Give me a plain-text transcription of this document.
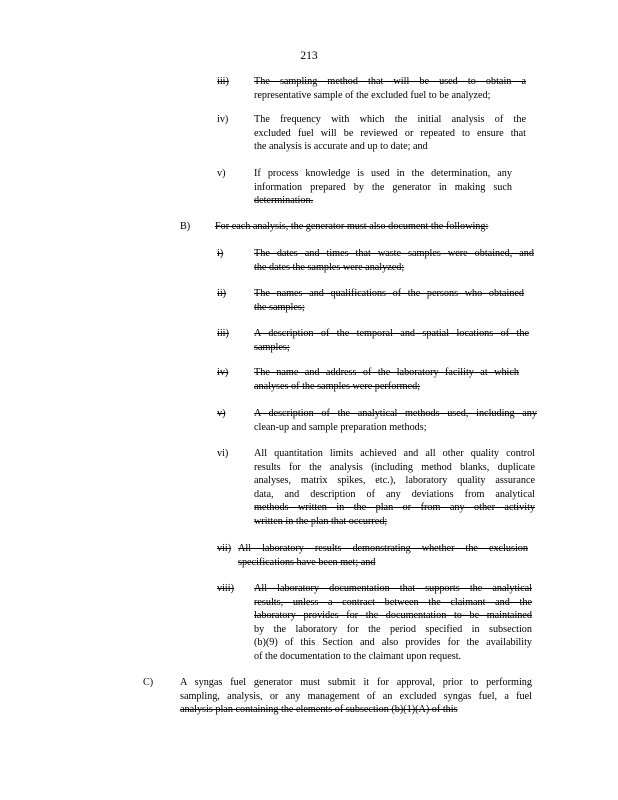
213
iii) The sampling method that will be used to obtain a
representative sample of the excluded fuel to be analyzed;
iv)	The frequency with which the initial analysis of the
excluded fuel will be reviewed or repeated to ensure that
the analysis is accurate and up to date; and
v)	If process knowledge is used in the determination, any
information prepared by the generator in making such
determination.
B) For each analysis, the generator must also document the following:
i)	The dates and times that waste samples were obtained, and
the dates the samples were analyzed;
ii)	The names and qualifications of the persons who obtained
the samples;
iii) A description of the temporal and spatial locations of the
samples;
iv)	The name and address of the laboratory facility at which
analyses of the samples were performed;
v)	A description of the analytical methods used, including any
clean-up and sample preparation methods;
vi)	All quantitation limits achieved and all other quality control
results for the analysis (including method blanks, duplicate
analyses, matrix spikes, etc.), laboratory quality assurance
data, and description of any deviations from analytical
methods written in the plan or from any other activity
written in the plan that occurred;
vii) All laboratory results demonstrating whether the exclusion
specifications have been met; and
viii) All laboratory documentation that supports the analytical
results, unless a contract between the claimant and the
laboratory provides for the documentation to be maintained
by the laboratory for the period specified in subsection
(b)(9) of this Section and also provides for the availability
of the documentation to the claimant upon request.
C)	A syngas fuel generator must submit it for approval, prior to performing
sampling, analysis, or any management of an excluded syngas fuel, a fuel
analysis plan containing the elements of subsection (b)(1)(A) of this
